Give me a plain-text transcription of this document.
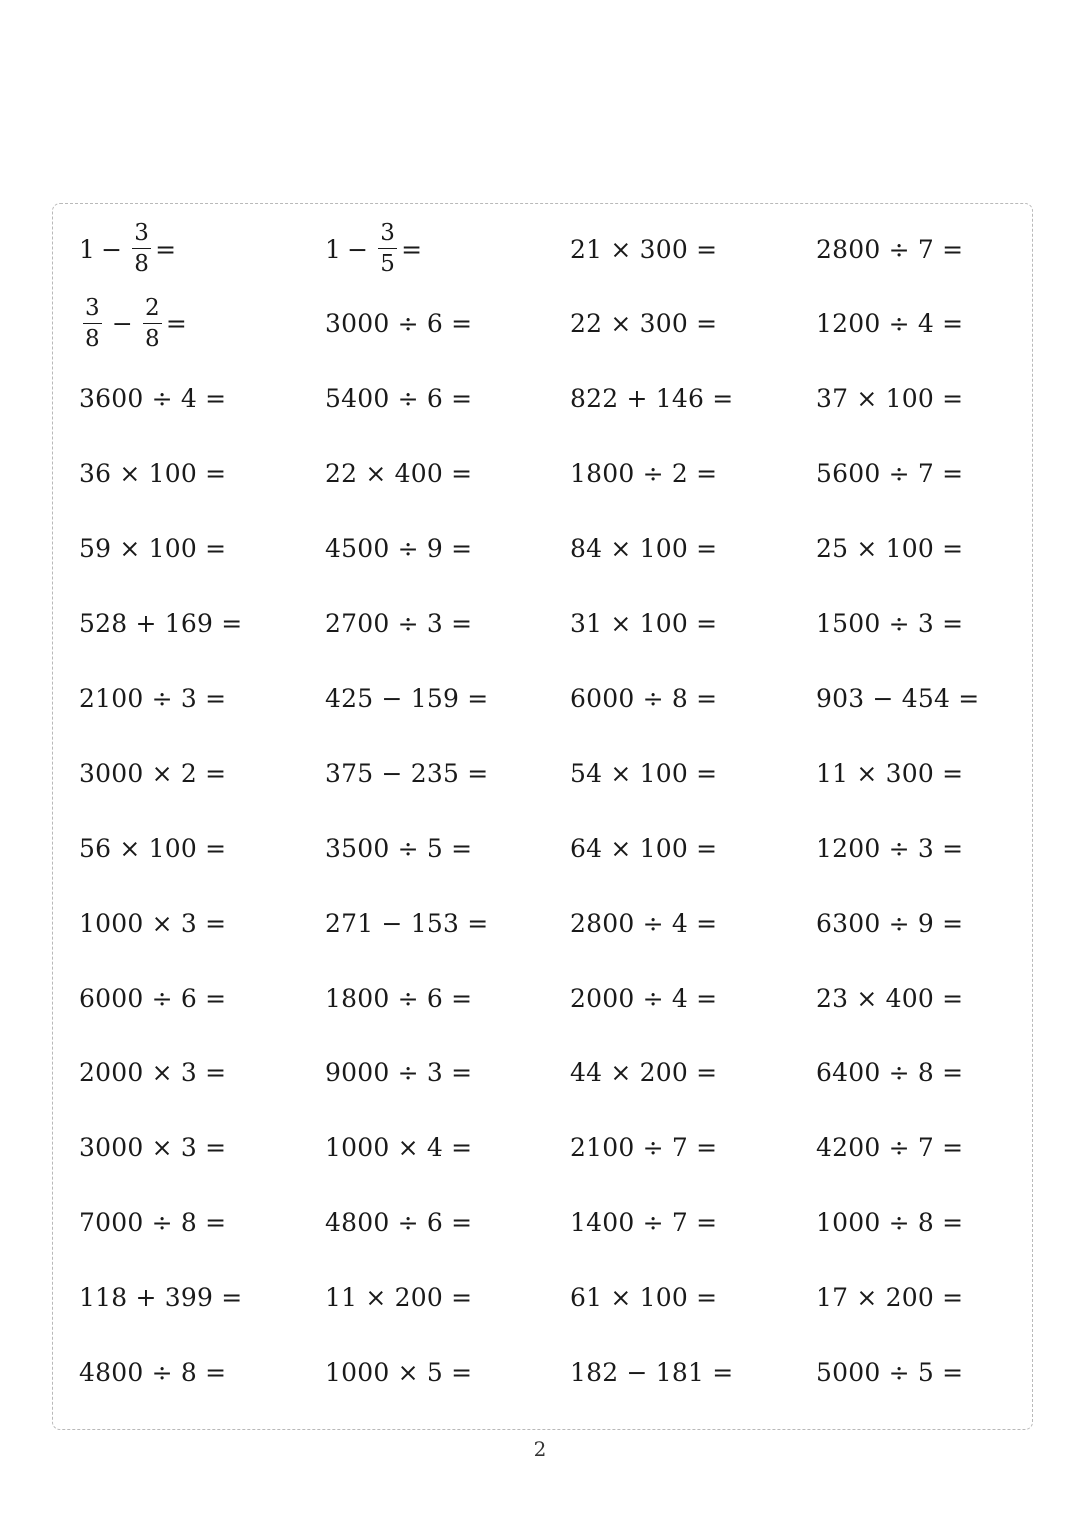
$1 - \frac{3}{8}$ =	$1 - \frac{3}{5}$ =	21 × 300 =	2800 ÷ 7 =
$\frac{3}{8} - \frac{2}{8}$ =	3000 ÷ 6 =	22 × 300 =	1200 ÷ 4 =
3600 ÷ 4 =	5400 ÷ 6 =	822 + 146 =	37 × 100 =
36 × 100 =	22 × 400 =	1800 ÷ 2 =	5600 ÷ 7 =
59 × 100 =	4500 ÷ 9 =	84 × 100 =	25 × 100 =
528 + 169 =	2700 ÷ 3 =	31 × 100 =	1500 ÷ 3 =
2100 ÷ 3 =	425 − 159 =	6000 ÷ 8 =	903 − 454 =
3000 × 2 =	375 − 235 =	54 × 100 =	11 × 300 =
56 × 100 =	3500 ÷ 5 =	64 × 100 =	1200 ÷ 3 =
1000 × 3 =	271 − 153 =	2800 ÷ 4 =	6300 ÷ 9 =
6000 ÷ 6 =	1800 ÷ 6 =	2000 ÷ 4 =	23 × 400 =
2000 × 3 =	9000 ÷ 3 =	44 × 200 =	6400 ÷ 8 =
3000 × 3 =	1000 × 4 =	2100 ÷ 7 =	4200 ÷ 7 =
7000 ÷ 8 =	4800 ÷ 6 =	1400 ÷ 7 =	1000 ÷ 8 =
118 + 399 =	11 × 200 =	61 × 100 =	17 × 200 =
4800 ÷ 8 =	1000 × 5 =	182 − 181 =	5000 ÷ 5 =
2
